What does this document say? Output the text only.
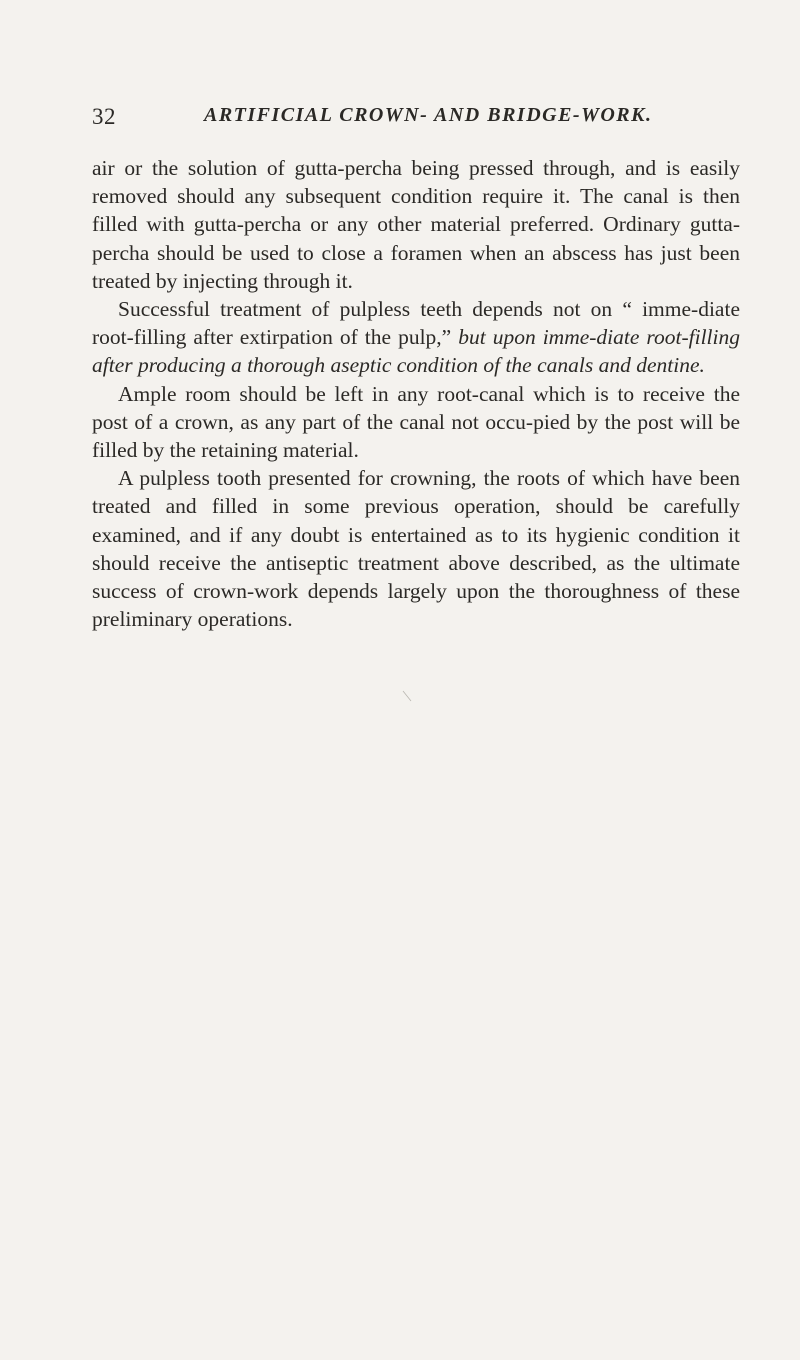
32	ARTIFICIAL CROWN- AND BRIDGE-WORK.

air or the solution of gutta-percha being pressed through, and is easily removed should any subsequent condition require it. The canal is then filled with gutta-percha or any other material preferred. Ordinary gutta-percha should be used to close a foramen when an abscess has just been treated by injecting through it.

Successful treatment of pulpless teeth depends not on “ imme-diate root-filling after extirpation of the pulp,” but upon imme-diate root-filling after producing a thorough aseptic condition of the canals and dentine.

Ample room should be left in any root-canal which is to receive the post of a crown, as any part of the canal not occu-pied by the post will be filled by the retaining material.

A pulpless tooth presented for crowning, the roots of which have been treated and filled in some previous operation, should be carefully examined, and if any doubt is entertained as to its hygienic condition it should receive the antiseptic treatment above described, as the ultimate success of crown-work depends largely upon the thoroughness of these preliminary operations.
